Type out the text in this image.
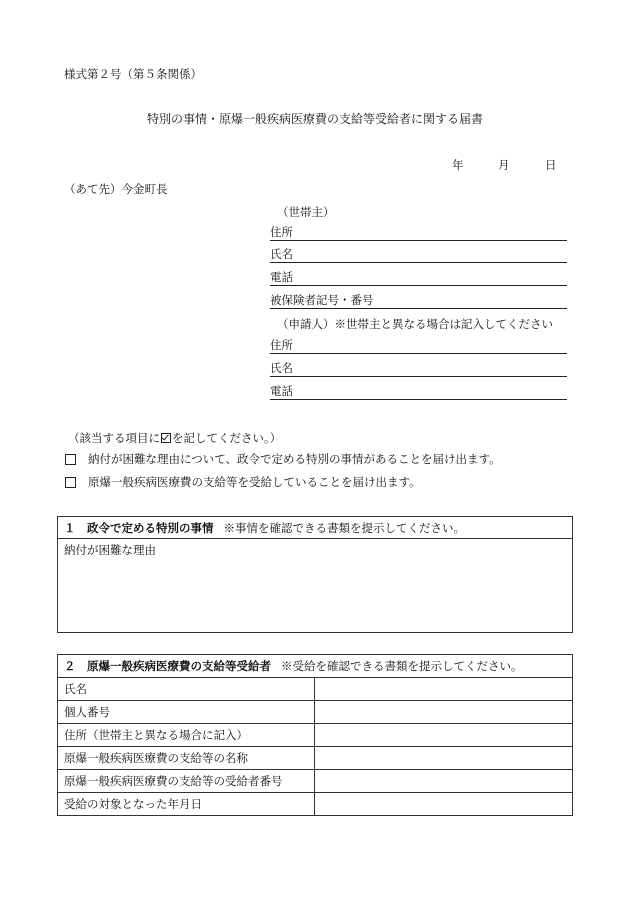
様式第２号（第５条関係）
特別の事情・原爆一般疾病医療費の支給等受給者に関する届書
年	月	日
（あて先）今金町長
（世帯主）
住所
氏名
電話
被保険者記号・番号
（申請人）※世帯主と異なる場合は記入してください
住所
氏名
電話
（該当する項目に を記してください。）
納付が困難な理由について、政令で定める特別の事情があることを届け出ます。
原爆一般疾病医療費の支給等を受給していることを届け出ます。
１　政令で定める特別の事情 ※事情を確認できる書類を提示してください。
納付が困難な理由
２　原爆一般疾病医療費の支給等受給者 ※受給を確認できる書類を提示してください。	
氏名	
個人番号	
住所（世帯主と異なる場合に記入）	
原爆一般疾病医療費の支給等の名称	
原爆一般疾病医療費の支給等の受給者番号	
受給の対象となった年月日	
